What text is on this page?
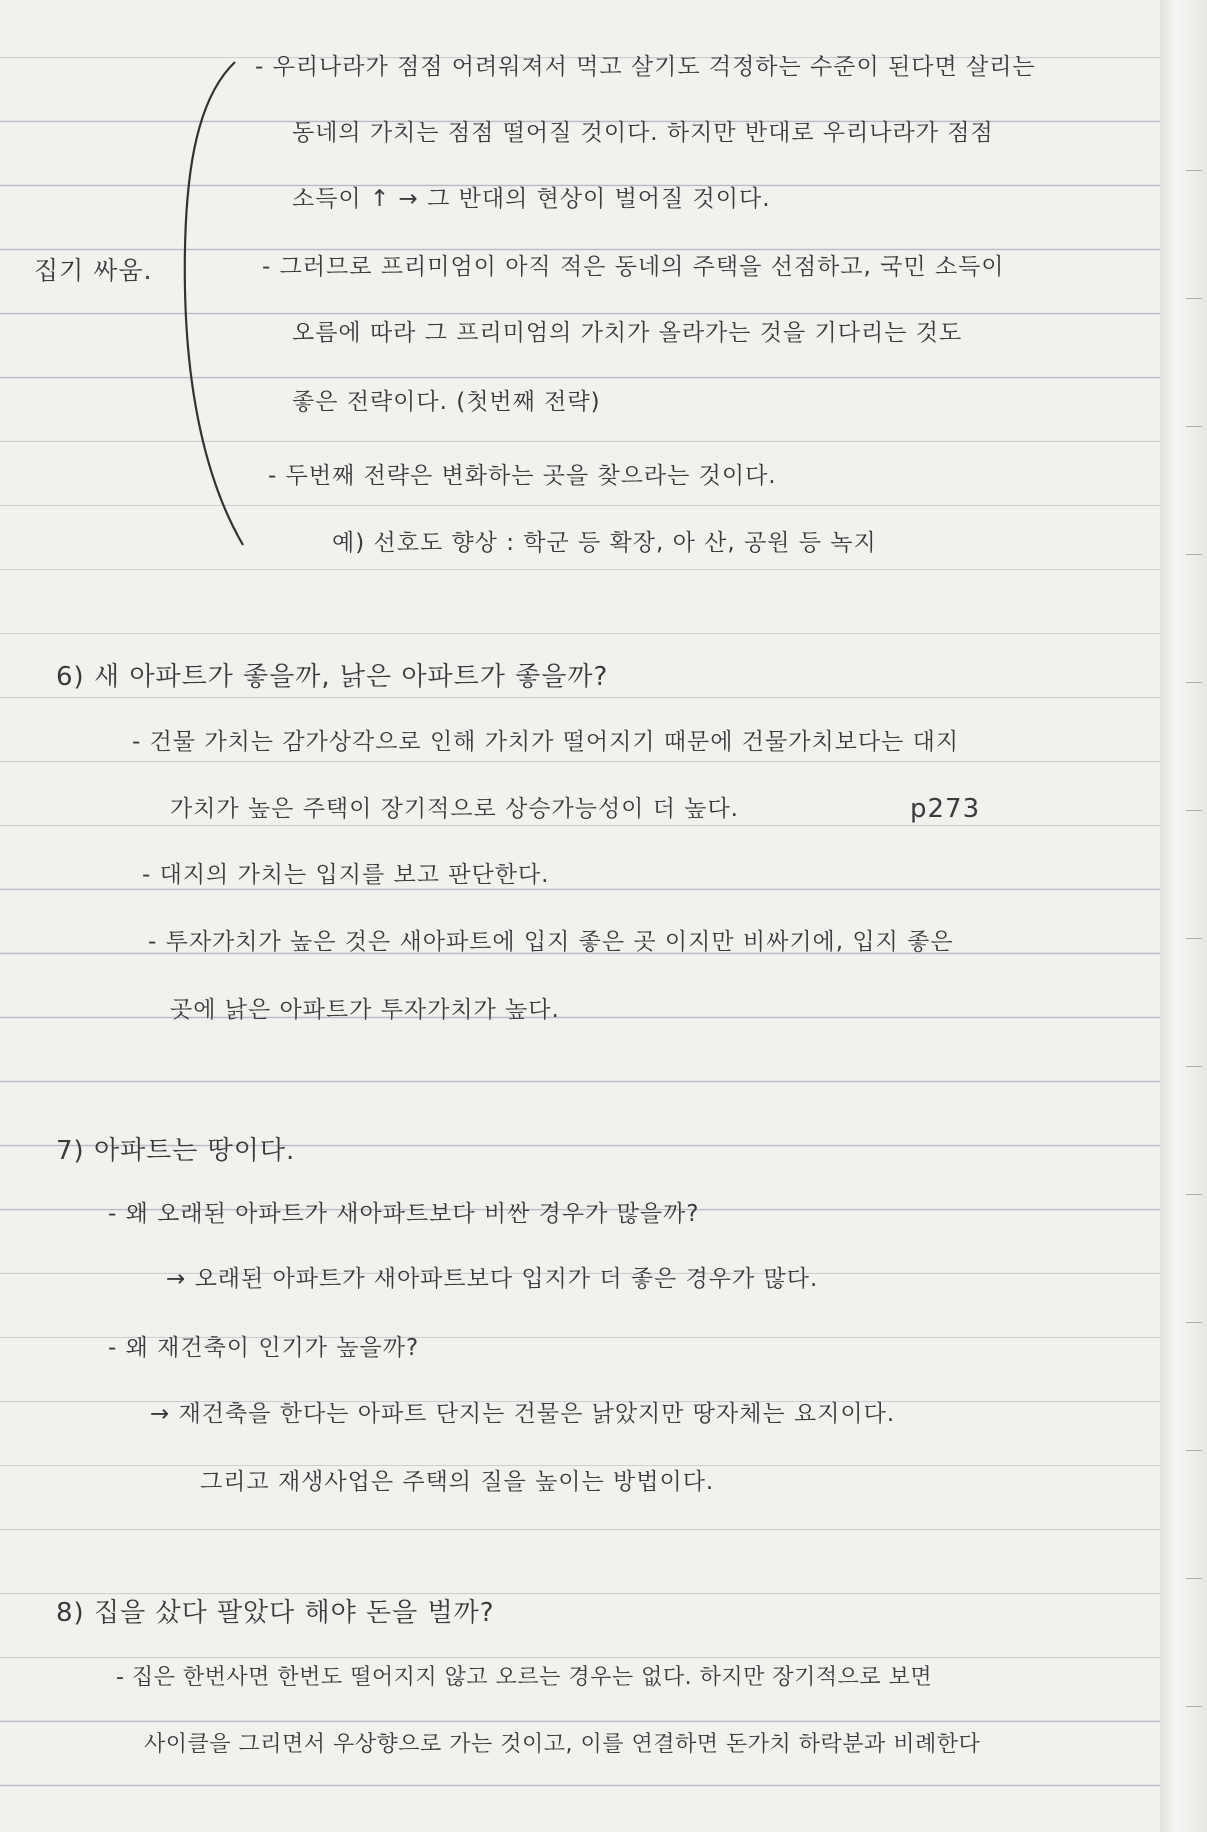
집기 싸움.
- 우리나라가 점점 어려워져서 먹고 살기도 걱정하는 수준이 된다면 살리는
동네의 가치는 점점 떨어질 것이다. 하지만 반대로 우리나라가 점점
소득이 ↑ → 그 반대의 현상이 벌어질 것이다.
- 그러므로 프리미엄이 아직 적은 동네의 주택을 선점하고, 국민 소득이
오름에 따라 그 프리미엄의 가치가 올라가는 것을 기다리는 것도
좋은 전략이다. (첫번째 전략)
- 두번째 전략은 변화하는 곳을 찾으라는 것이다.
예) 선호도 향상 : 학군 등 확장, 아 산, 공원 등 녹지
6) 새 아파트가 좋을까, 낡은 아파트가 좋을까?
- 건물 가치는 감가상각으로 인해 가치가 떨어지기 때문에 건물가치보다는 대지
가치가 높은 주택이 장기적으로 상승가능성이 더 높다.	p273
- 대지의 가치는 입지를 보고 판단한다.
- 투자가치가 높은 것은 새아파트에 입지 좋은 곳 이지만 비싸기에, 입지 좋은
곳에 낡은 아파트가 투자가치가 높다.
7) 아파트는 땅이다.
- 왜 오래된 아파트가 새아파트보다 비싼 경우가 많을까?
→ 오래된 아파트가 새아파트보다 입지가 더 좋은 경우가 많다.
- 왜 재건축이 인기가 높을까?
→ 재건축을 한다는 아파트 단지는 건물은 낡았지만 땅자체는 요지이다.
그리고 재생사업은 주택의 질을 높이는 방법이다.
8) 집을 샀다 팔았다 해야 돈을 벌까?
- 집은 한번사면 한번도 떨어지지 않고 오르는 경우는 없다. 하지만 장기적으로 보면
사이클을 그리면서 우상향으로 가는 것이고, 이를 연결하면 돈가치 하락분과 비례한다
